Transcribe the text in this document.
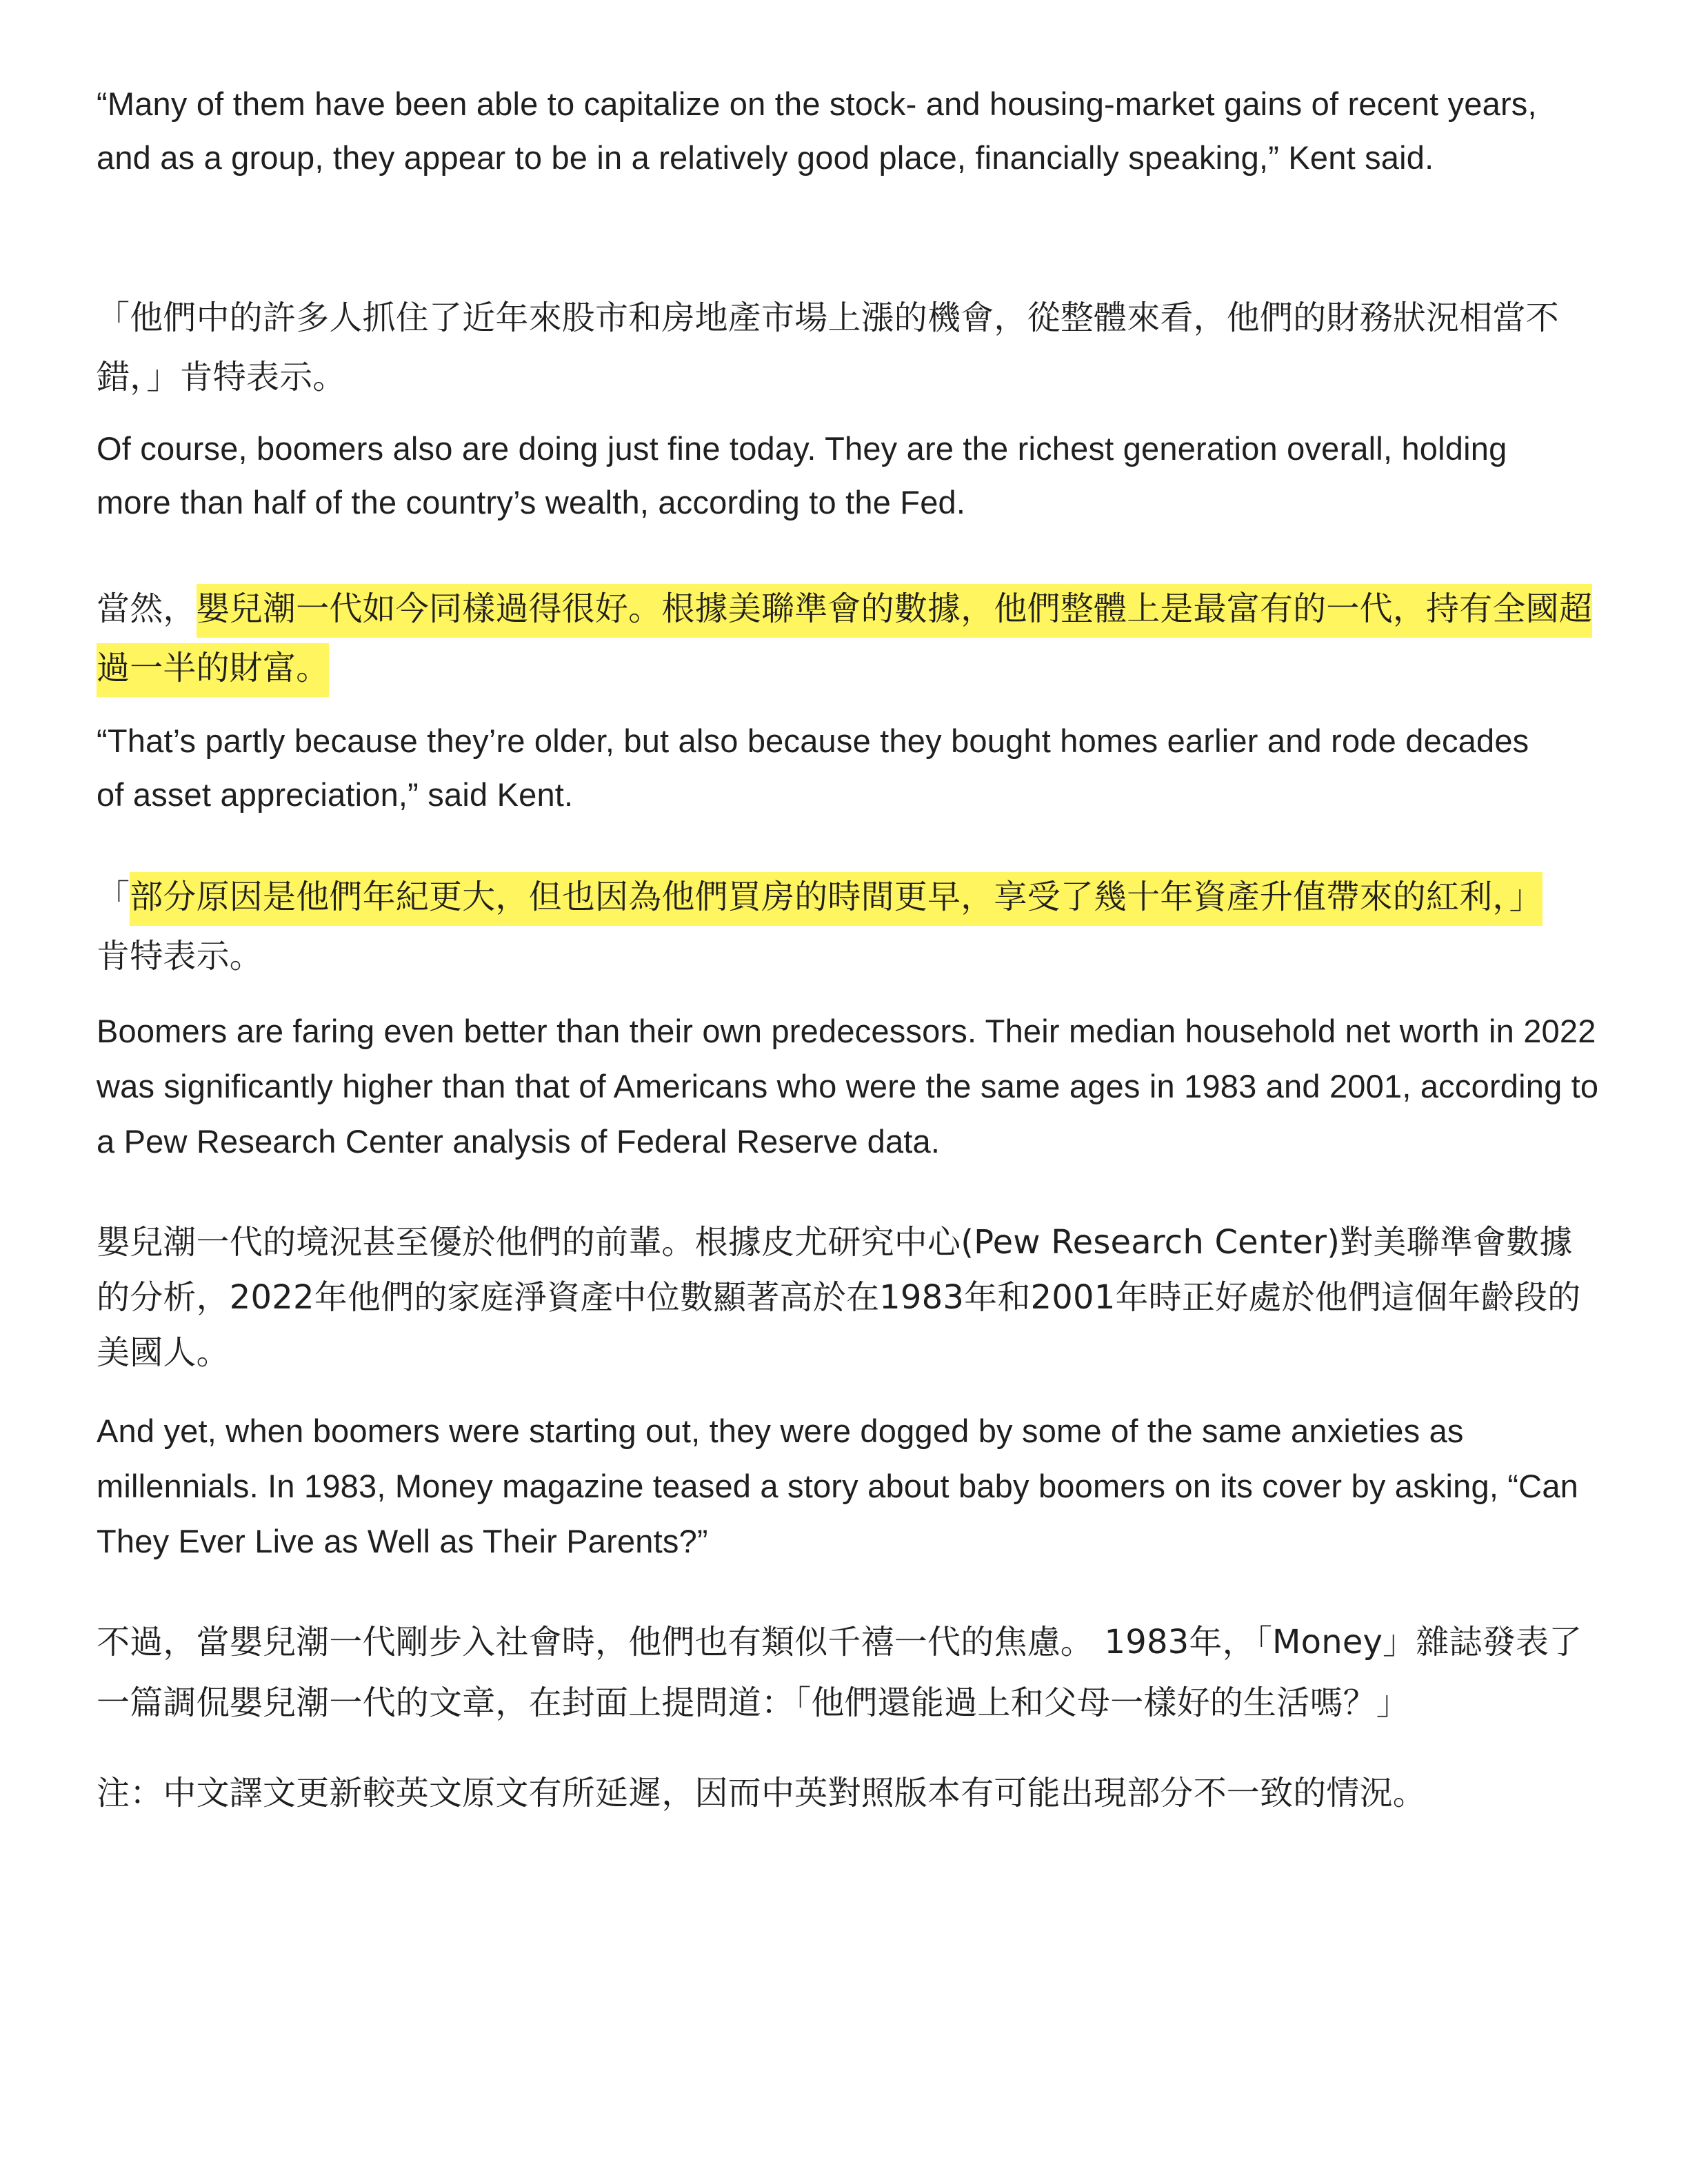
“Many of them have been able to capitalize on the stock- and housing-market gains of recent years, and as a group, they appear to be in a relatively good place, financially speaking,” Kent said.

「他們中的許多人抓住了近年來股市和房地產市場上漲的機會，從整體來看，他們的財務狀況相當不錯，」肯特表示。

Of course, boomers also are doing just fine today. They are the richest generation overall, holding more than half of the country’s wealth, according to the Fed.

當然，嬰兒潮一代如今同樣過得很好。根據美聯準會的數據，他們整體上是最富有的一代，持有全國超過一半的財富。

“That’s partly because they’re older, but also because they bought homes earlier and rode decades of asset appreciation,” said Kent.

「部分原因是他們年紀更大，但也因為他們買房的時間更早，享受了幾十年資產升值帶來的紅利，」肯特表示。

Boomers are faring even better than their own predecessors. Their median household net worth in 2022 was significantly higher than that of Americans who were the same ages in 1983 and 2001, according to a Pew Research Center analysis of Federal Reserve data.

嬰兒潮一代的境況甚至優於他們的前輩。根據皮尤研究中心(Pew Research Center)對美聯準會數據的分析，2022年他們的家庭淨資產中位數顯著高於在1983年和2001年時正好處於他們這個年齡段的美國人。

And yet, when boomers were starting out, they were dogged by some of the same anxieties as millennials. In 1983, Money magazine teased a story about baby boomers on its cover by asking, “Can They Ever Live as Well as Their Parents?”

不過，當嬰兒潮一代剛步入社會時，他們也有類似千禧一代的焦慮。 1983年，「Money」雜誌發表了一篇調侃嬰兒潮一代的文章，在封面上提問道：「他們還能過上和父母一樣好的生活嗎？」

注：中文譯文更新較英文原文有所延遲，因而中英對照版本有可能出現部分不一致的情況。
